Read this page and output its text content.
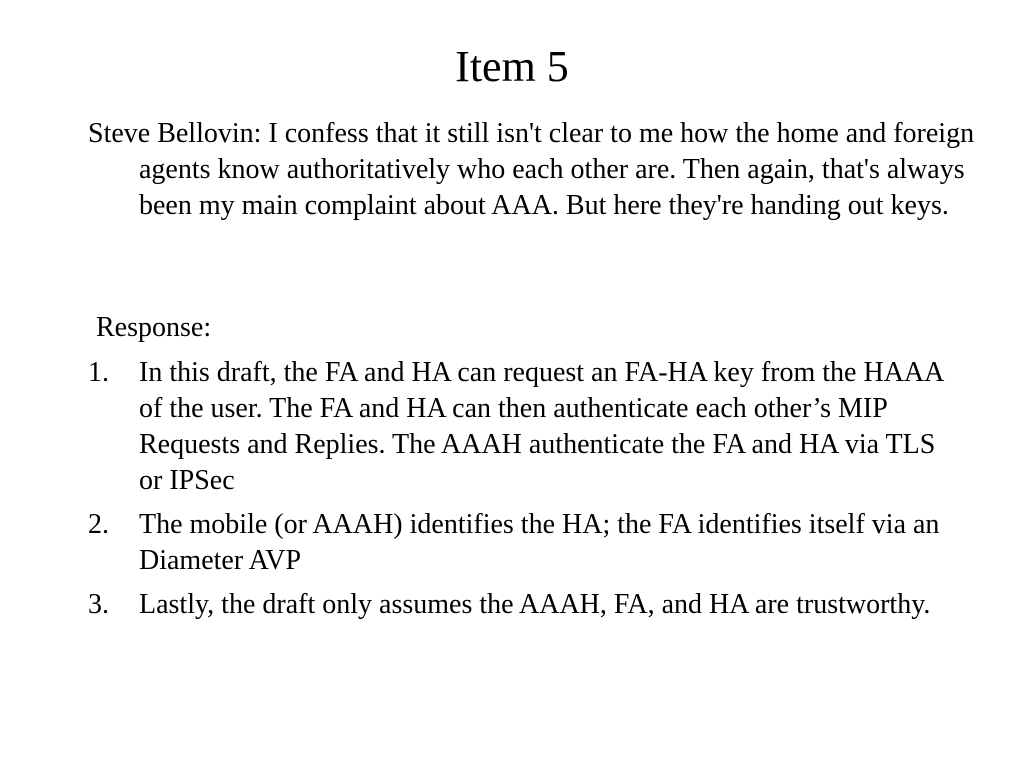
Item 5

Steve Bellovin: I confess that it still isn't clear to me how the home and foreign agents know authoritatively who each other are. Then again, that's always been my main complaint about AAA. But here they're handing out keys.

Response:

1. In this draft, the FA and HA can request an FA-HA key from the HAAA of the user. The FA and HA can then authenticate each other’s MIP Requests and Replies. The AAAH authenticate the FA and HA via TLS or IPSec
2. The mobile (or AAAH) identifies the HA; the FA identifies itself via an Diameter AVP
3. Lastly, the draft only assumes the AAAH, FA, and HA are trustworthy.
